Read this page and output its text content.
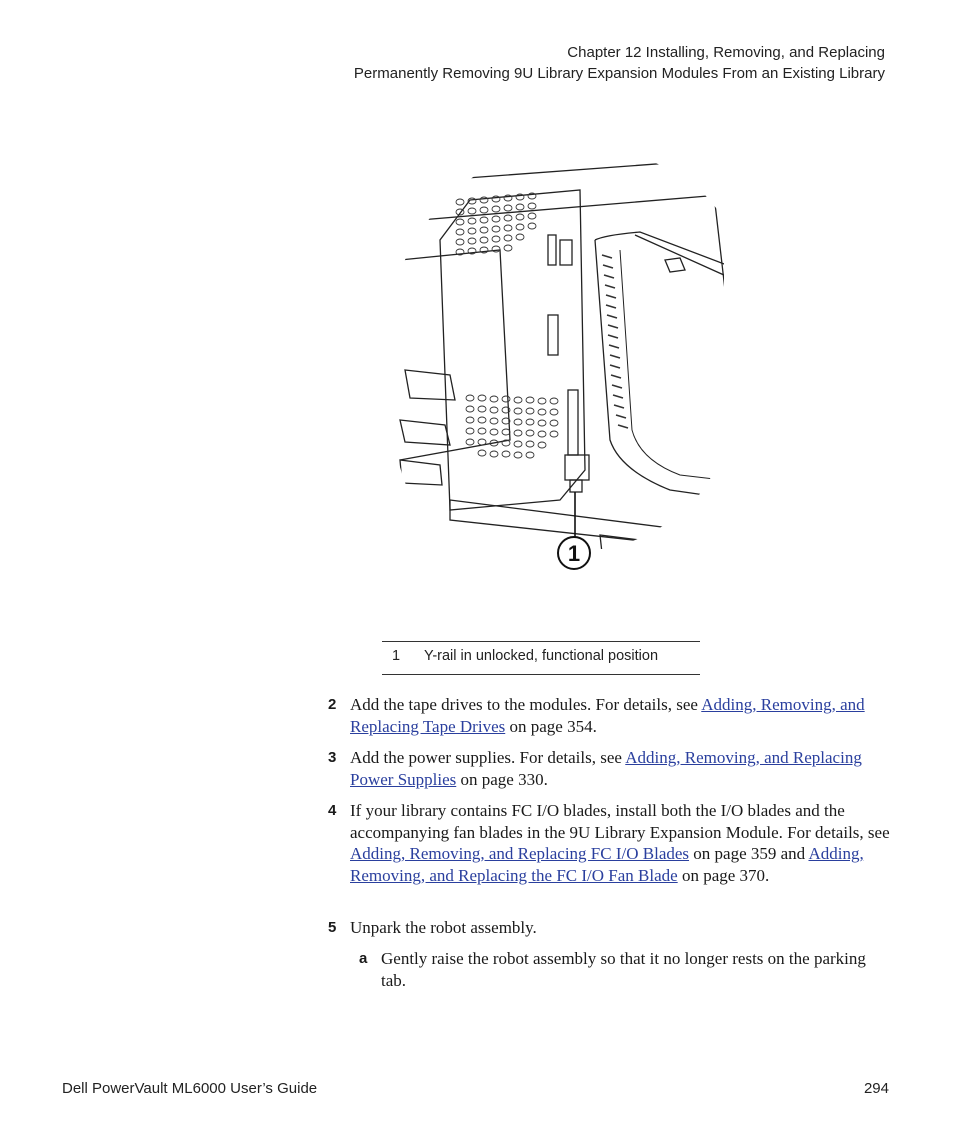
Chapter 12 Installing, Removing, and Replacing
Permanently Removing 9U Library Expansion Modules From an Existing Library
1
1 Y-rail in unlocked, functional position
2 Add the tape drives to the modules. For details, see Adding, Removing, and Replacing Tape Drives on page 354.
3 Add the power supplies. For details, see Adding, Removing, and Replacing Power Supplies on page 330.
4 If your library contains FC I/O blades, install both the I/O blades and the accompanying fan blades in the 9U Library Expansion Module. For details, see Adding, Removing, and Replacing FC I/O Blades on page 359 and Adding, Removing, and Replacing the FC I/O Fan Blade on page 370.
5 Unpark the robot assembly.
a Gently raise the robot assembly so that it no longer rests on the parking tab.
Dell PowerVault ML6000 User’s Guide	294
